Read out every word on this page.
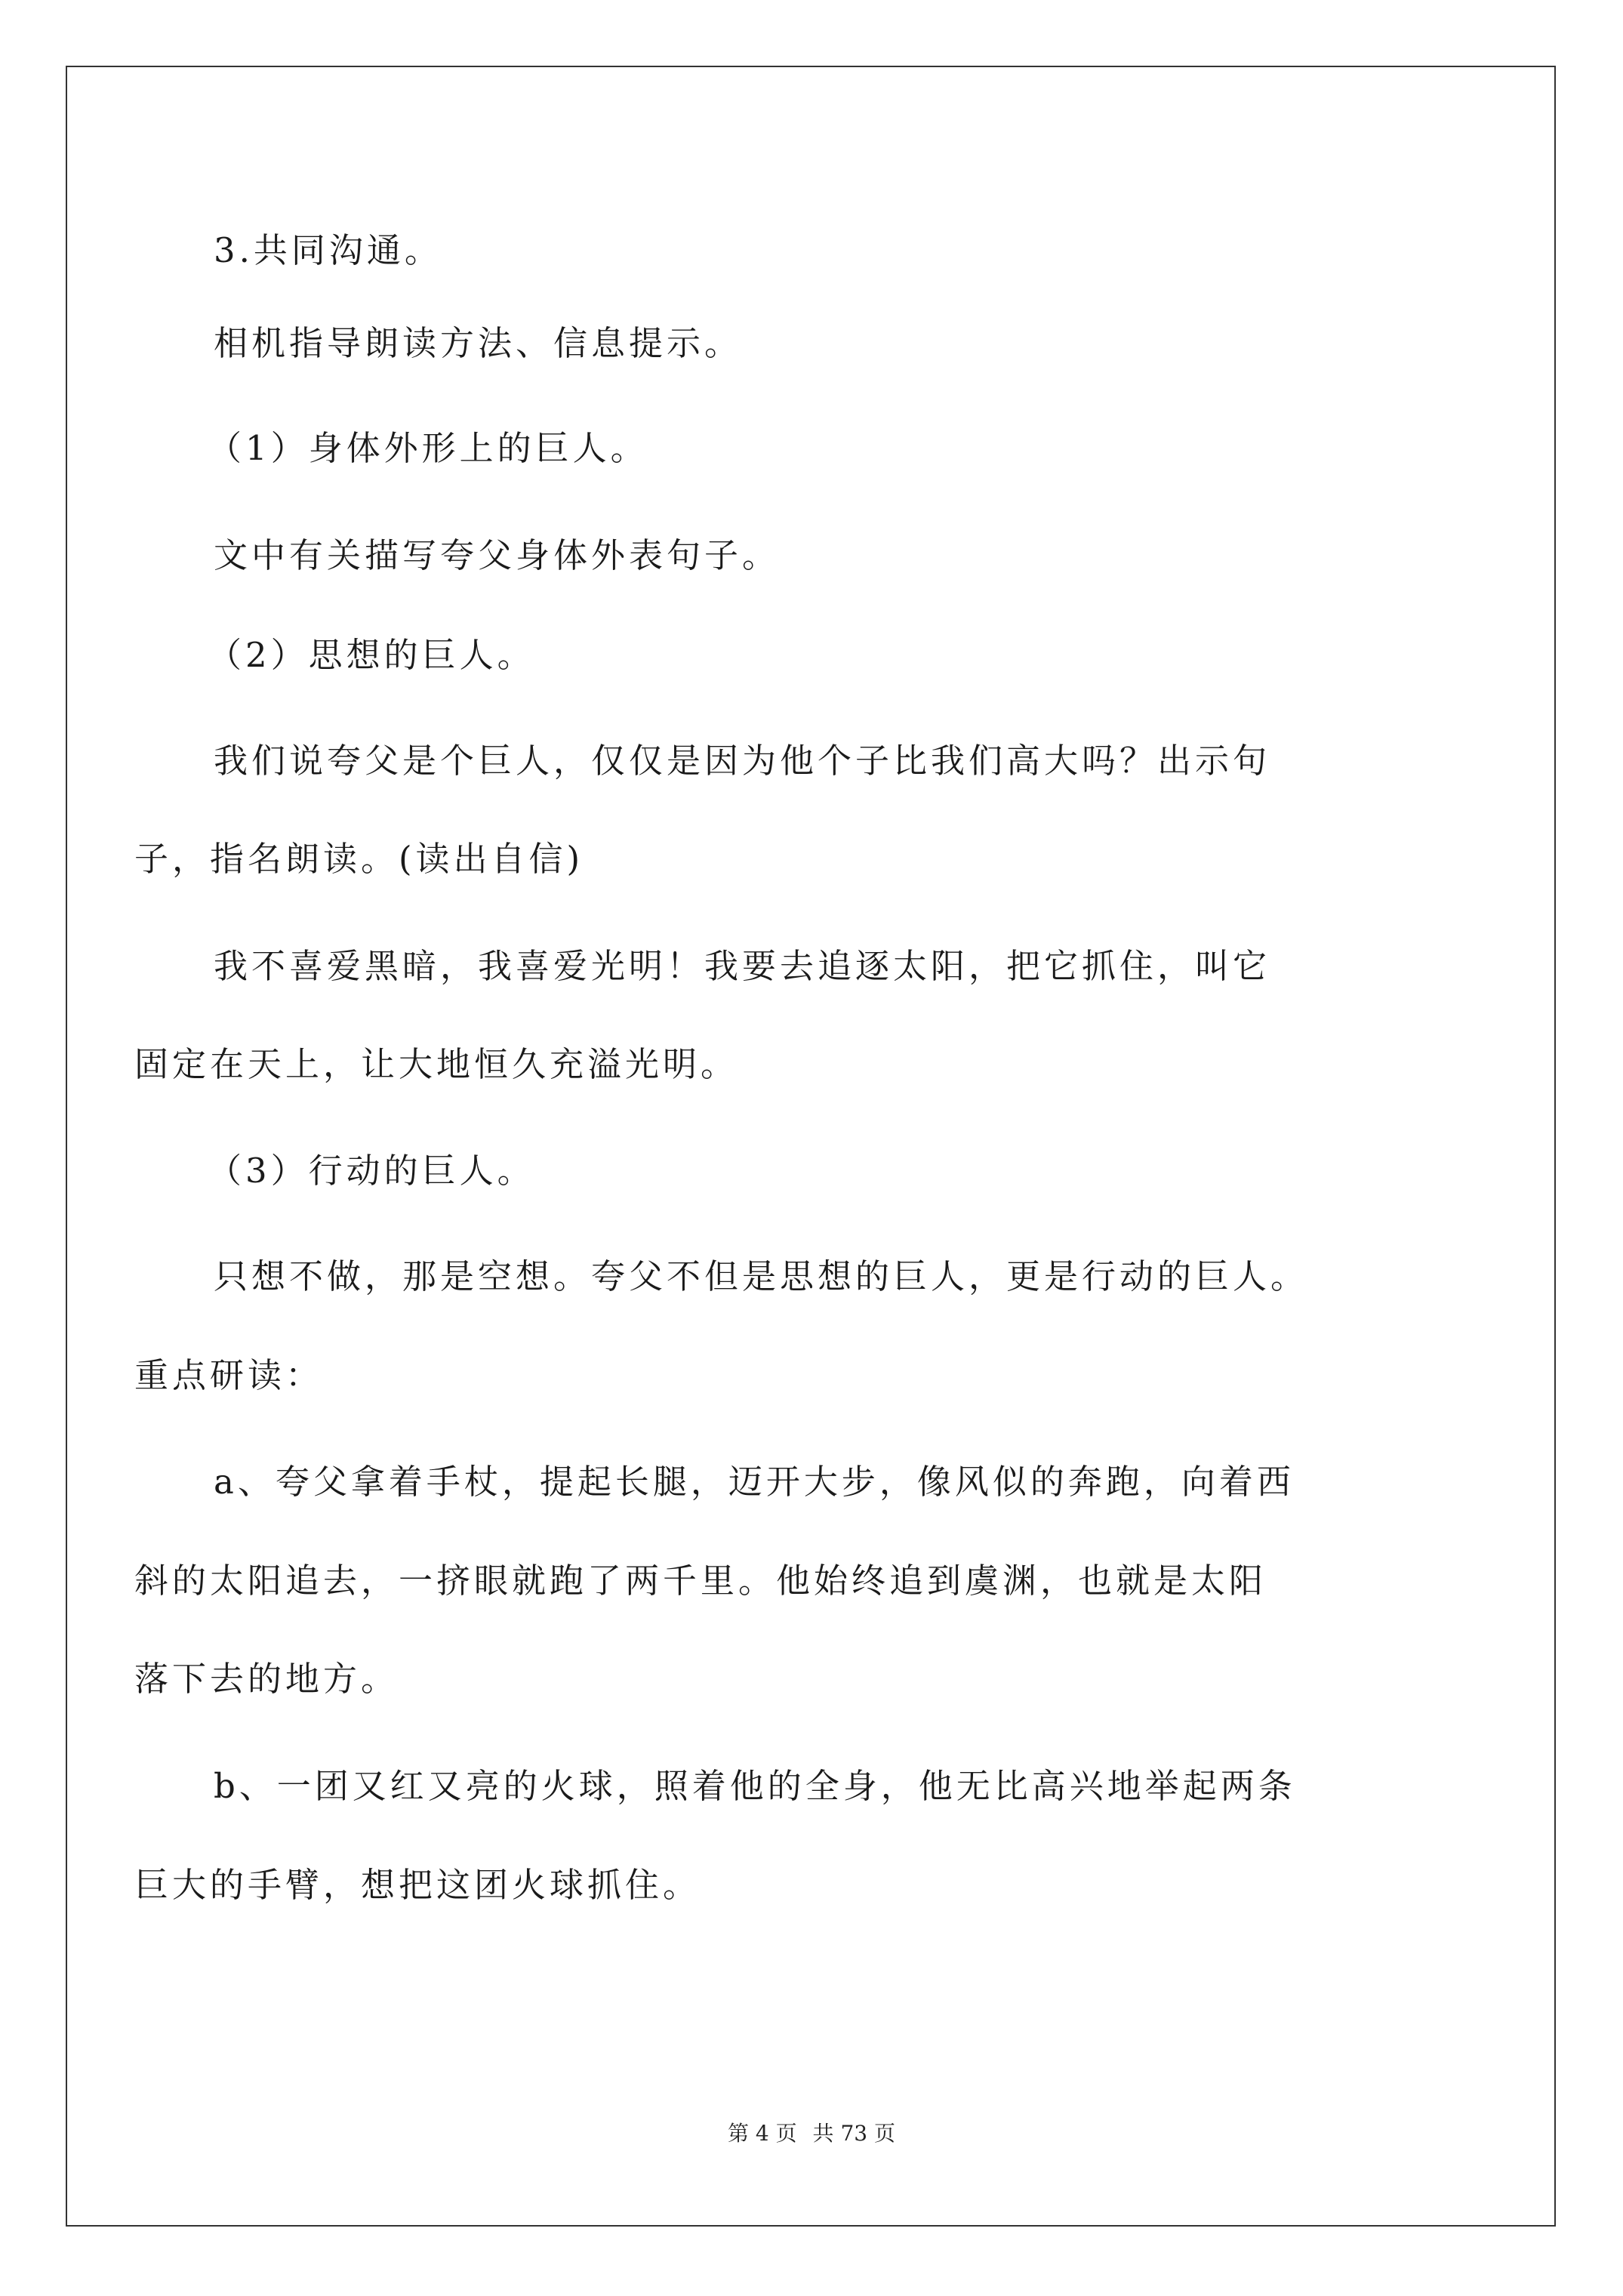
3.共同沟通。
相机指导朗读方法、信息提示。
（1）身体外形上的巨人。
文中有关描写夸父身体外表句子。
（2）思想的巨人。
我们说夸父是个巨人，仅仅是因为他个子比我们高大吗？出示句
子，指名朗读。(读出自信)
我不喜爱黑暗，我喜爱光明！我要去追逐太阳，把它抓住，叫它
固定在天上，让大地恒久充溢光明。
（3）行动的巨人。
只想不做，那是空想。夸父不但是思想的巨人，更是行动的巨人。
重点研读：
a、夸父拿着手杖，提起长腿，迈开大步，像风似的奔跑，向着西
斜的太阳追去，一挤眼就跑了两千里。他始终追到虞渊，也就是太阳
落下去的地方。
b、一团又红又亮的火球，照着他的全身，他无比高兴地举起两条
巨大的手臂，想把这团火球抓住。
第 4 页 共 73 页
